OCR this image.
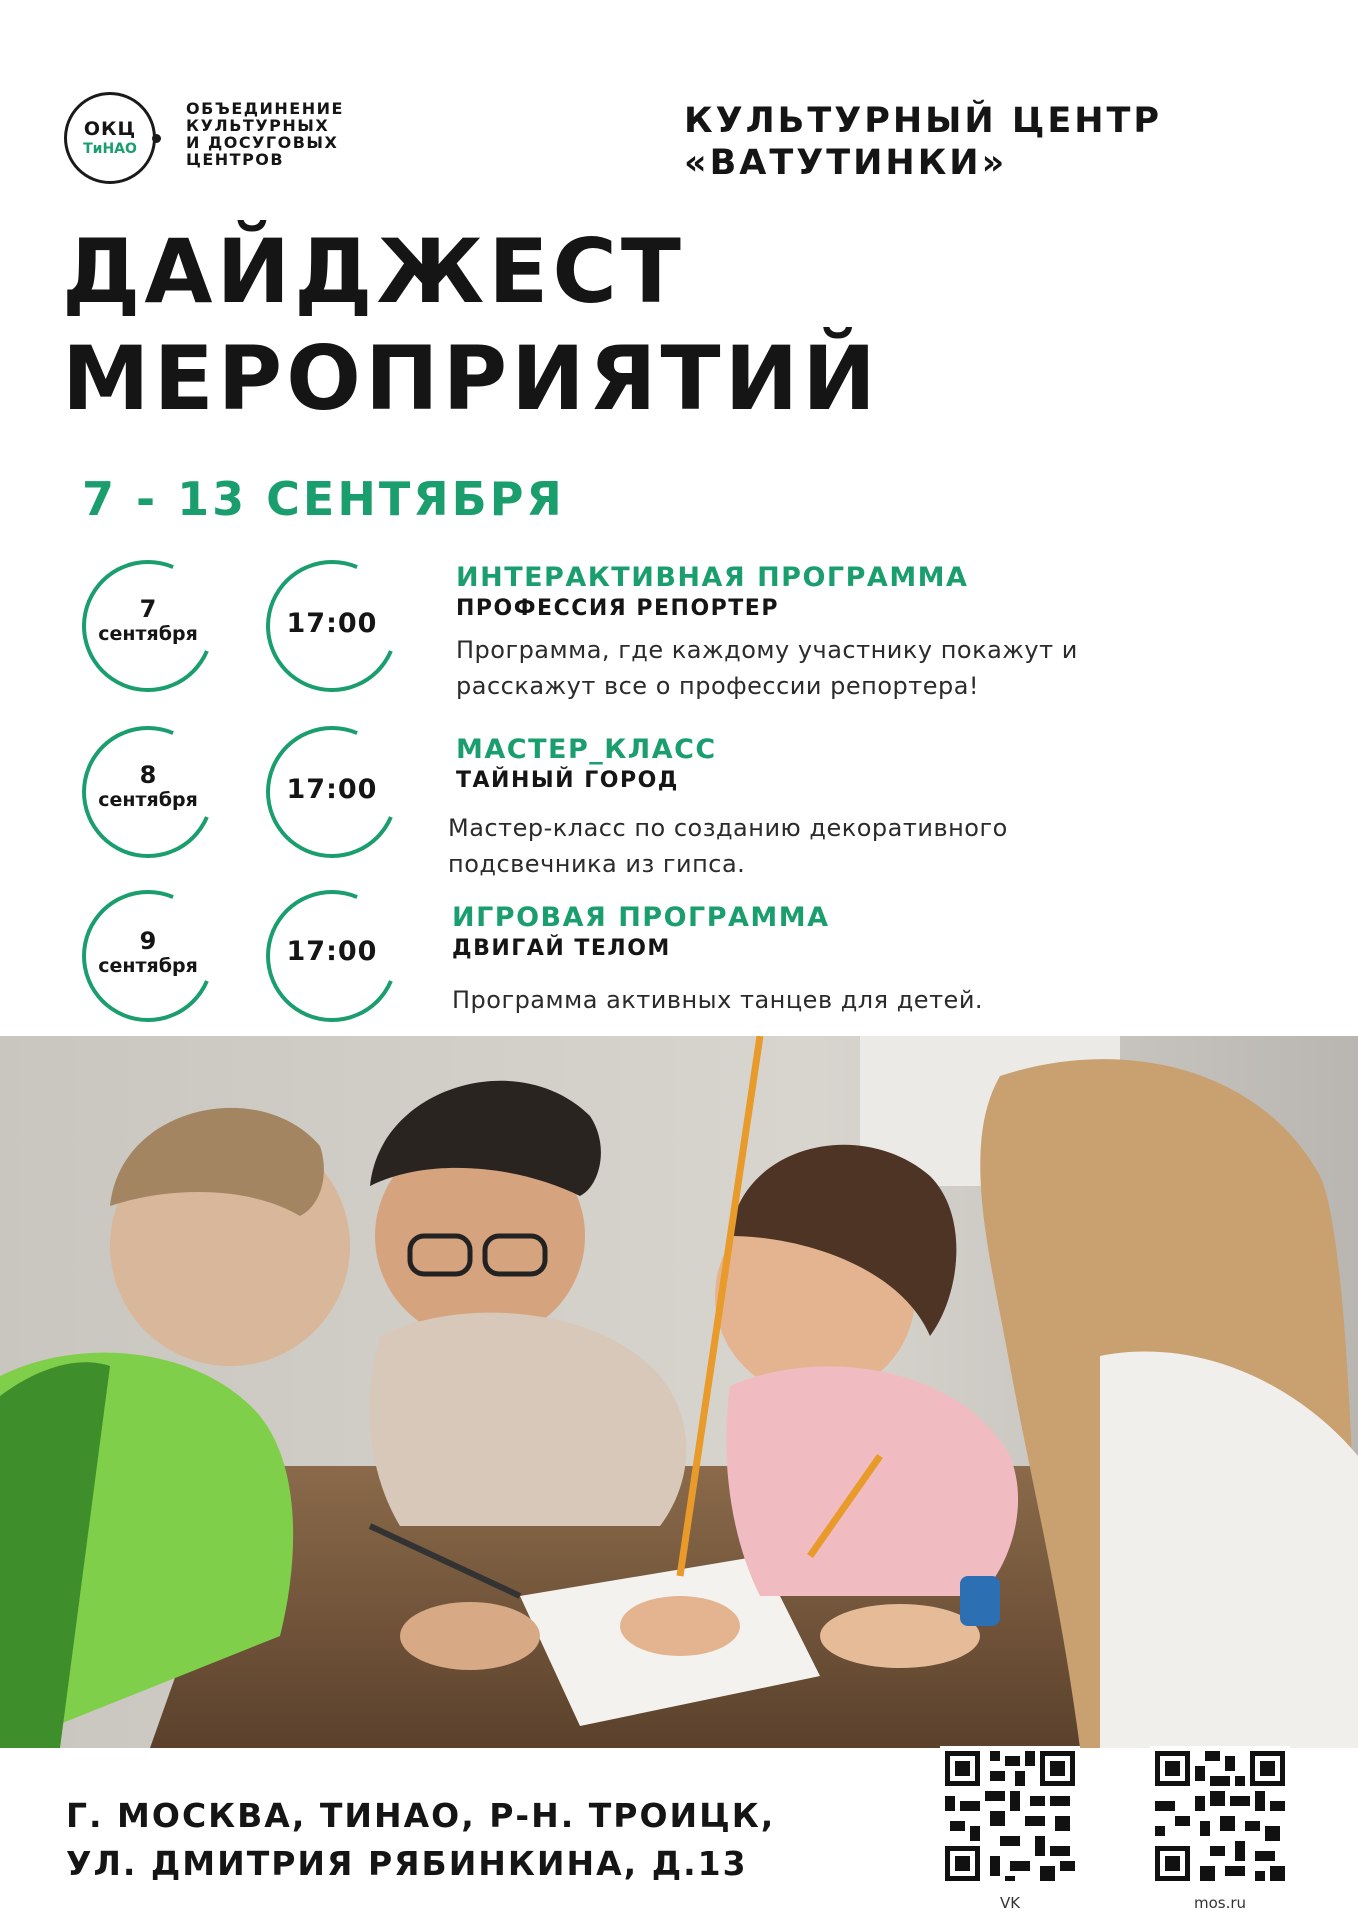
ОКЦ
ТиНАО
ОБЪЕДИНЕНИЕ
КУЛЬТУРНЫХ
И ДОСУГОВЫХ
ЦЕНТРОВ
КУЛЬТУРНЫЙ ЦЕНТР
«ВАТУТИНКИ»
ДАЙДЖЕСТ
МЕРОПРИЯТИЙ
7 - 13 СЕНТЯБРЯ
7
сентября	17:00
ИНТЕРАКТИВНАЯ ПРОГРАММА
ПРОФЕССИЯ РЕПОРТЕР
Программа, где каждому участнику покажут и
расскажут все о профессии репортера!
8
сентября	17:00
МАСТЕР_КЛАСС
ТАЙНЫЙ ГОРОД
Мастер-класс по созданию декоративного
подсвечника из гипса.
9
сентября	17:00
ИГРОВАЯ ПРОГРАММА
ДВИГАЙ ТЕЛОМ
Программа активных танцев для детей.
Г. МОСКВА, ТИНАО, Р-Н. ТРОИЦК,
УЛ. ДМИТРИЯ РЯБИНКИНА, Д.13
VK	mos.ru
